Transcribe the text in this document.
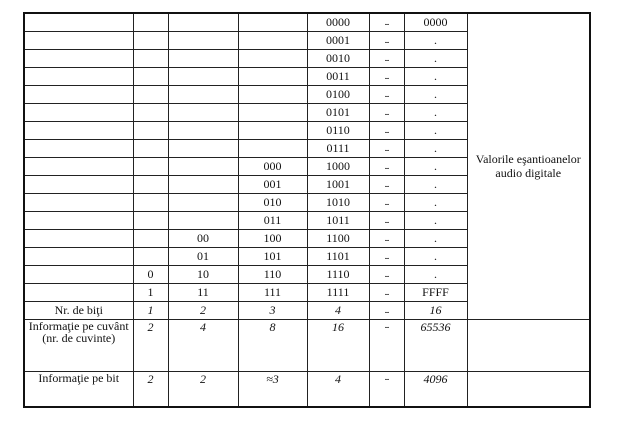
				0000	...	0000	Valorile eşantioanelor audio digitale
				0001	...	.	
				0010	...	.	
				0011	...	.	
				0100	...	.	
				0101	...	.	
				0110	...	.	
				0111	...	.	
			000	1000	...	.	
			001	1001	...	.	
			010	1010	...	.	
			011	1011	...	.	
		00	100	1100	...	.	
		01	101	1101	...	.	
	0	10	110	1110	...	.	
	1	11	111	1111	...	FFFF	
Nr. de biţi	1	2	3	4	...	16	
Informaţie pe cuvânt (nr. de cuvinte)	2	4	8	16	...	65536	
Informaţie pe bit	2	2	≈3	4	...	4096	
